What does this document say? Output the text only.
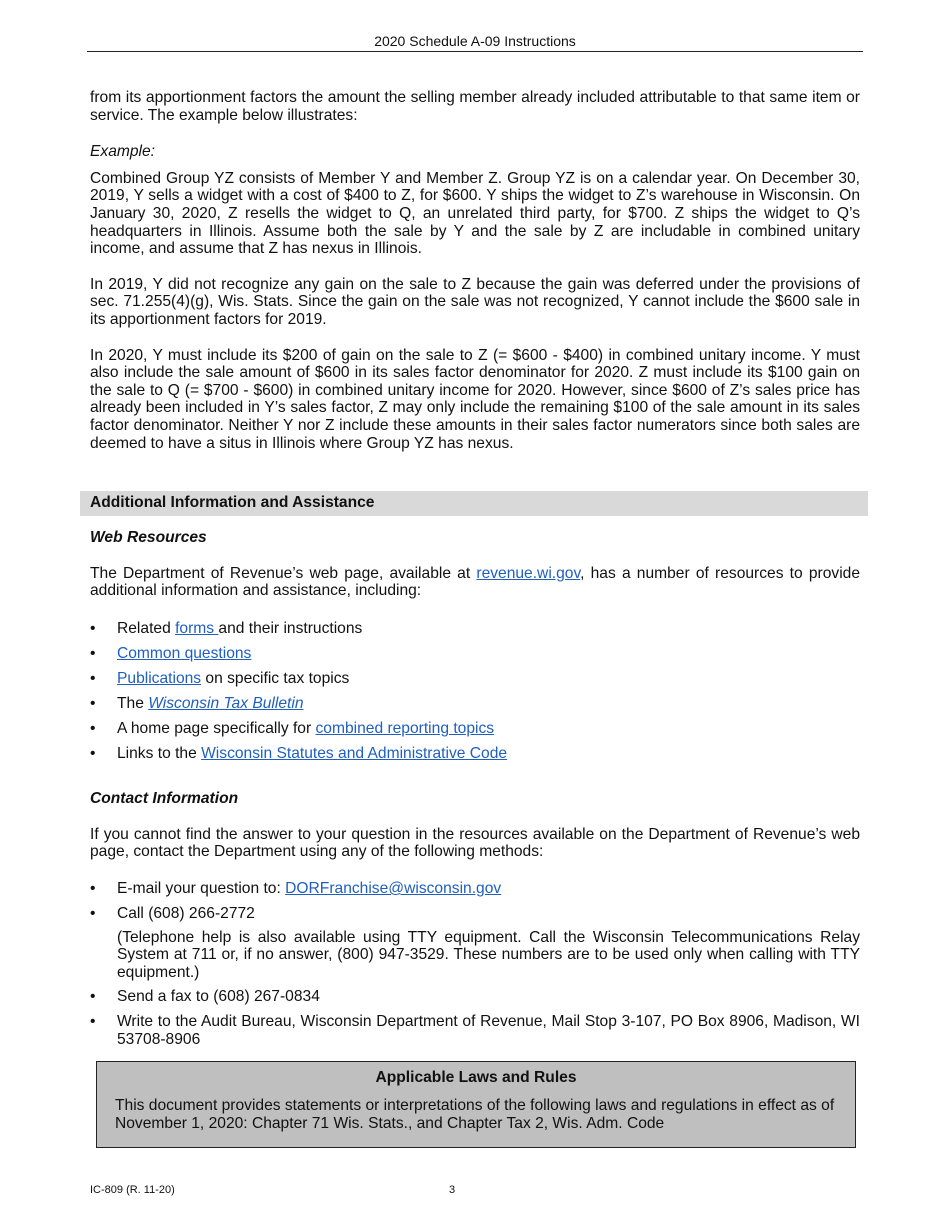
2020 Schedule A-09 Instructions

from its apportionment factors the amount the selling member already included attributable to that same item or service. The example below illustrates:

Example:

Combined Group YZ consists of Member Y and Member Z. Group YZ is on a calendar year. On December 30, 2019, Y sells a widget with a cost of $400 to Z, for $600. Y ships the widget to Z’s warehouse in Wisconsin. On January 30, 2020, Z resells the widget to Q, an unrelated third party, for $700. Z ships the widget to Q’s headquarters in Illinois. Assume both the sale by Y and the sale by Z are includable in combined unitary income, and assume that Z has nexus in Illinois.

In 2019, Y did not recognize any gain on the sale to Z because the gain was deferred under the provisions of sec. 71.255(4)(g), Wis. Stats. Since the gain on the sale was not recognized, Y cannot include the $600 sale in its apportionment factors for 2019.

In 2020, Y must include its $200 of gain on the sale to Z (= $600 - $400) in combined unitary income. Y must also include the sale amount of $600 in its sales factor denominator for 2020. Z must include its $100 gain on the sale to Q (= $700 - $600) in combined unitary income for 2020. However, since $600 of Z’s sales price has already been included in Y’s sales factor, Z may only include the remaining $100 of the sale amount in its sales factor denominator. Neither Y nor Z include these amounts in their sales factor numerators since both sales are deemed to have a situs in Illinois where Group YZ has nexus.

Additional Information and Assistance

Web Resources

The Department of Revenue’s web page, available at revenue.wi.gov, has a number of resources to provide additional information and assistance, including:

• Related forms and their instructions
• Common questions
• Publications on specific tax topics
• The Wisconsin Tax Bulletin
• A home page specifically for combined reporting topics
• Links to the Wisconsin Statutes and Administrative Code

Contact Information

If you cannot find the answer to your question in the resources available on the Department of Revenue’s web page, contact the Department using any of the following methods:

• E-mail your question to: DORFranchise@wisconsin.gov
• Call (608) 266-2772

(Telephone help is also available using TTY equipment. Call the Wisconsin Telecommunications Relay System at 711 or, if no answer, (800) 947-3529. These numbers are to be used only when calling with TTY equipment.)

• Send a fax to (608) 267-0834
• Write to the Audit Bureau, Wisconsin Department of Revenue, Mail Stop 3-107, PO Box 8906, Madison, WI 53708-8906

Applicable Laws and Rules

This document provides statements or interpretations of the following laws and regulations in effect as of November 1, 2020: Chapter 71 Wis. Stats., and Chapter Tax 2, Wis. Adm. Code

IC-809 (R. 11-20)	3
